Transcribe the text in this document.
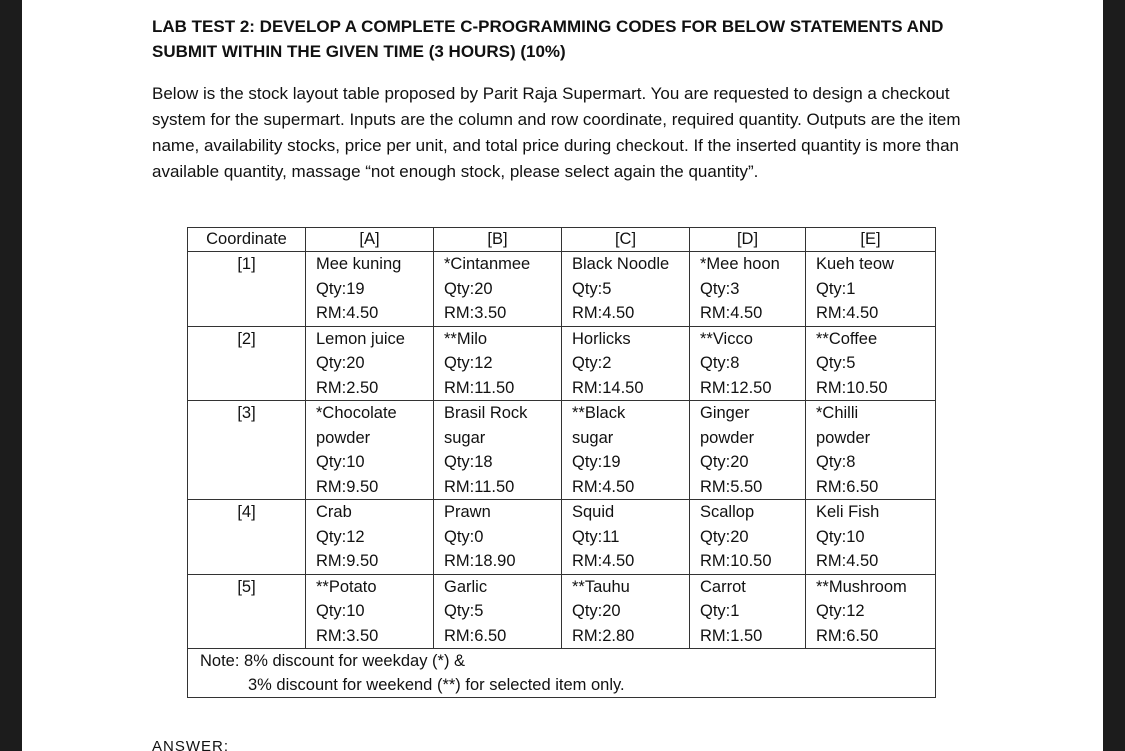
LAB TEST 2: DEVELOP A COMPLETE C-PROGRAMMING CODES FOR BELOW STATEMENTS AND
SUBMIT WITHIN THE GIVEN TIME (3 HOURS) (10%)
Below is the stock layout table proposed by Parit Raja Supermart. You are requested to design a checkout system for the supermart. Inputs are the column and row coordinate, required quantity. Outputs are the item name, availability stocks, price per unit, and total price during checkout. If the inserted quantity is more than available quantity, massage “not enough stock, please select again the quantity”.
Coordinate	[A]	[B]	[C]	[D]	[E]
[1]	Mee kuning
Qty:19
RM:4.50	*Cintanmee
Qty:20
RM:3.50	Black Noodle
Qty:5
RM:4.50	*Mee hoon
Qty:3
RM:4.50	Kueh teow
Qty:1
RM:4.50

[2]	Lemon juice
Qty:20
RM:2.50	**Milo
Qty:12
RM:11.50	Horlicks
Qty:2
RM:14.50	**Vicco
Qty:8
RM:12.50	**Coffee
Qty:5
RM:10.50

[3]	*Chocolate
powder
Qty:10
RM:9.50	Brasil Rock
sugar
Qty:18
RM:11.50	**Black
sugar
Qty:19
RM:4.50	Ginger
powder
Qty:20
RM:5.50	*Chilli
powder
Qty:8
RM:6.50

[4]	Crab
Qty:12
RM:9.50	Prawn
Qty:0
RM:18.90	Squid
Qty:11
RM:4.50	Scallop
Qty:20
RM:10.50	Keli Fish
Qty:10
RM:4.50

[5]	**Potato
Qty:10
RM:3.50	Garlic
Qty:5
RM:6.50	**Tauhu
Qty:20
RM:2.80	Carrot
Qty:1
RM:1.50	**Mushroom
Qty:12
RM:6.50

Note: 8% discount for weekday (*) &
3% discount for weekend (**) for selected item only.					
ANSWER:
